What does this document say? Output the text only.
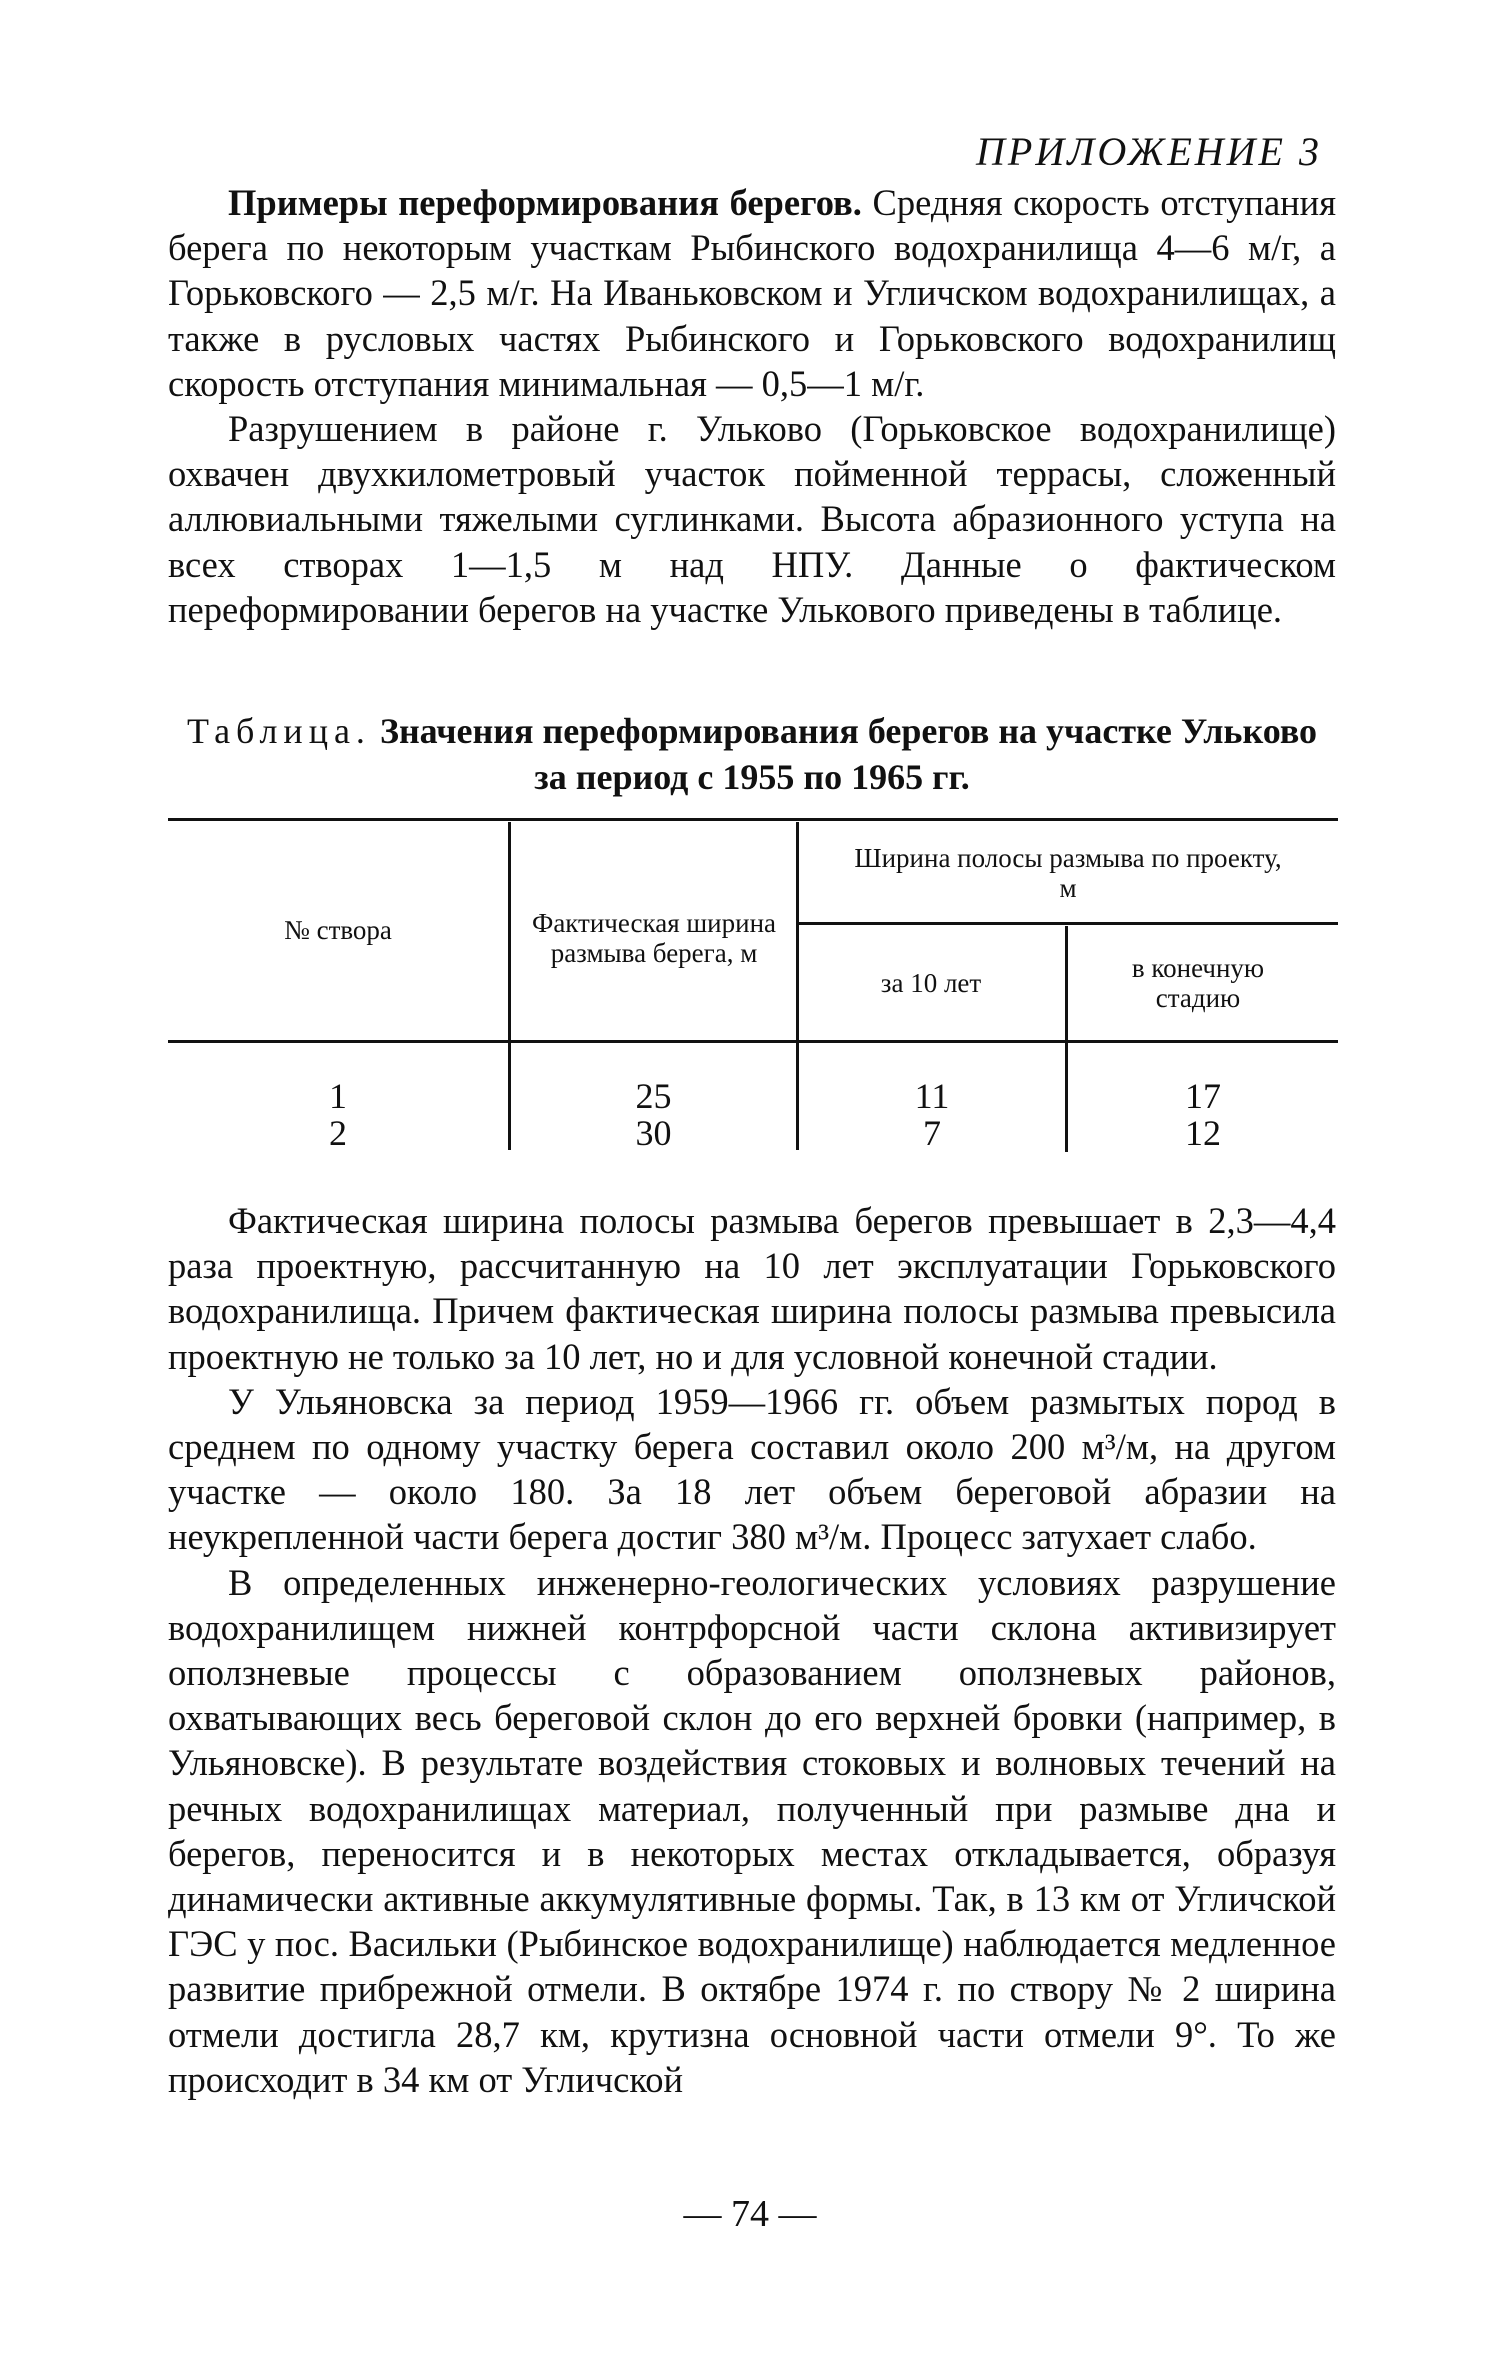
ПРИЛОЖЕНИЕ 3

Примеры переформирования берегов. Средняя скорость отступания берега по некоторым участкам Рыбинского водохранилища 4—6 м/г, а Горьковского — 2,5 м/г. На Иваньковском и Угличском водохранилищах, а также в русловых частях Рыбинского и Горьковского водохранилищ скорость отступания минимальная — 0,5—1 м/г.

Разрушением в районе г. Ульково (Горьковское водохранилище) охвачен двухкилометровый участок пойменной террасы, сложенный аллювиальными тяжелыми суглинками. Высота абразионного уступа на всех створах 1—1,5 м над НПУ. Данные о фактическом переформировании берегов на участке Улькового приведены в таблице.

Таблица. Значения переформирования берегов на участке Ульково за период с 1955 по 1965 гг.
№ створа	Фактическая ширина размыва берега, м
Ширина полосы размыва по проекту, м
за 10 лет	в конечную стадию
1	25	11	17
2	30	7	12

Фактическая ширина полосы размыва берегов превышает в 2,3—4,4 раза проектную, рассчитанную на 10 лет эксплуатации Горьковского водохранилища. Причем фактическая ширина полосы размыва превысила проектную не только за 10 лет, но и для условной конечной стадии.

У Ульяновска за период 1959—1966 гг. объем размытых пород в среднем по одному участку берега составил около 200 м³/м, на другом участке — около 180. За 18 лет объем береговой абразии на неукрепленной части берега достиг 380 м³/м. Процесс затухает слабо.

В определенных инженерно-геологических условиях разрушение водохранилищем нижней контрфорсной части склона активизирует оползневые процессы с образованием оползневых районов, охватывающих весь береговой склон до его верхней бровки (например, в Ульяновске). В результате воздействия стоковых и волновых течений на речных водохранилищах материал, полученный при размыве дна и берегов, переносится и в некоторых местах откладывается, образуя динамически активные аккумулятивные формы. Так, в 13 км от Угличской ГЭС у пос. Васильки (Рыбинское водохранилище) наблюдается медленное развитие прибрежной отмели. В октябре 1974 г. по створу № 2 ширина отмели достигла 28,7 км, крутизна основной части отмели 9°. То же происходит в 34 км от Угличской

— 74 —
